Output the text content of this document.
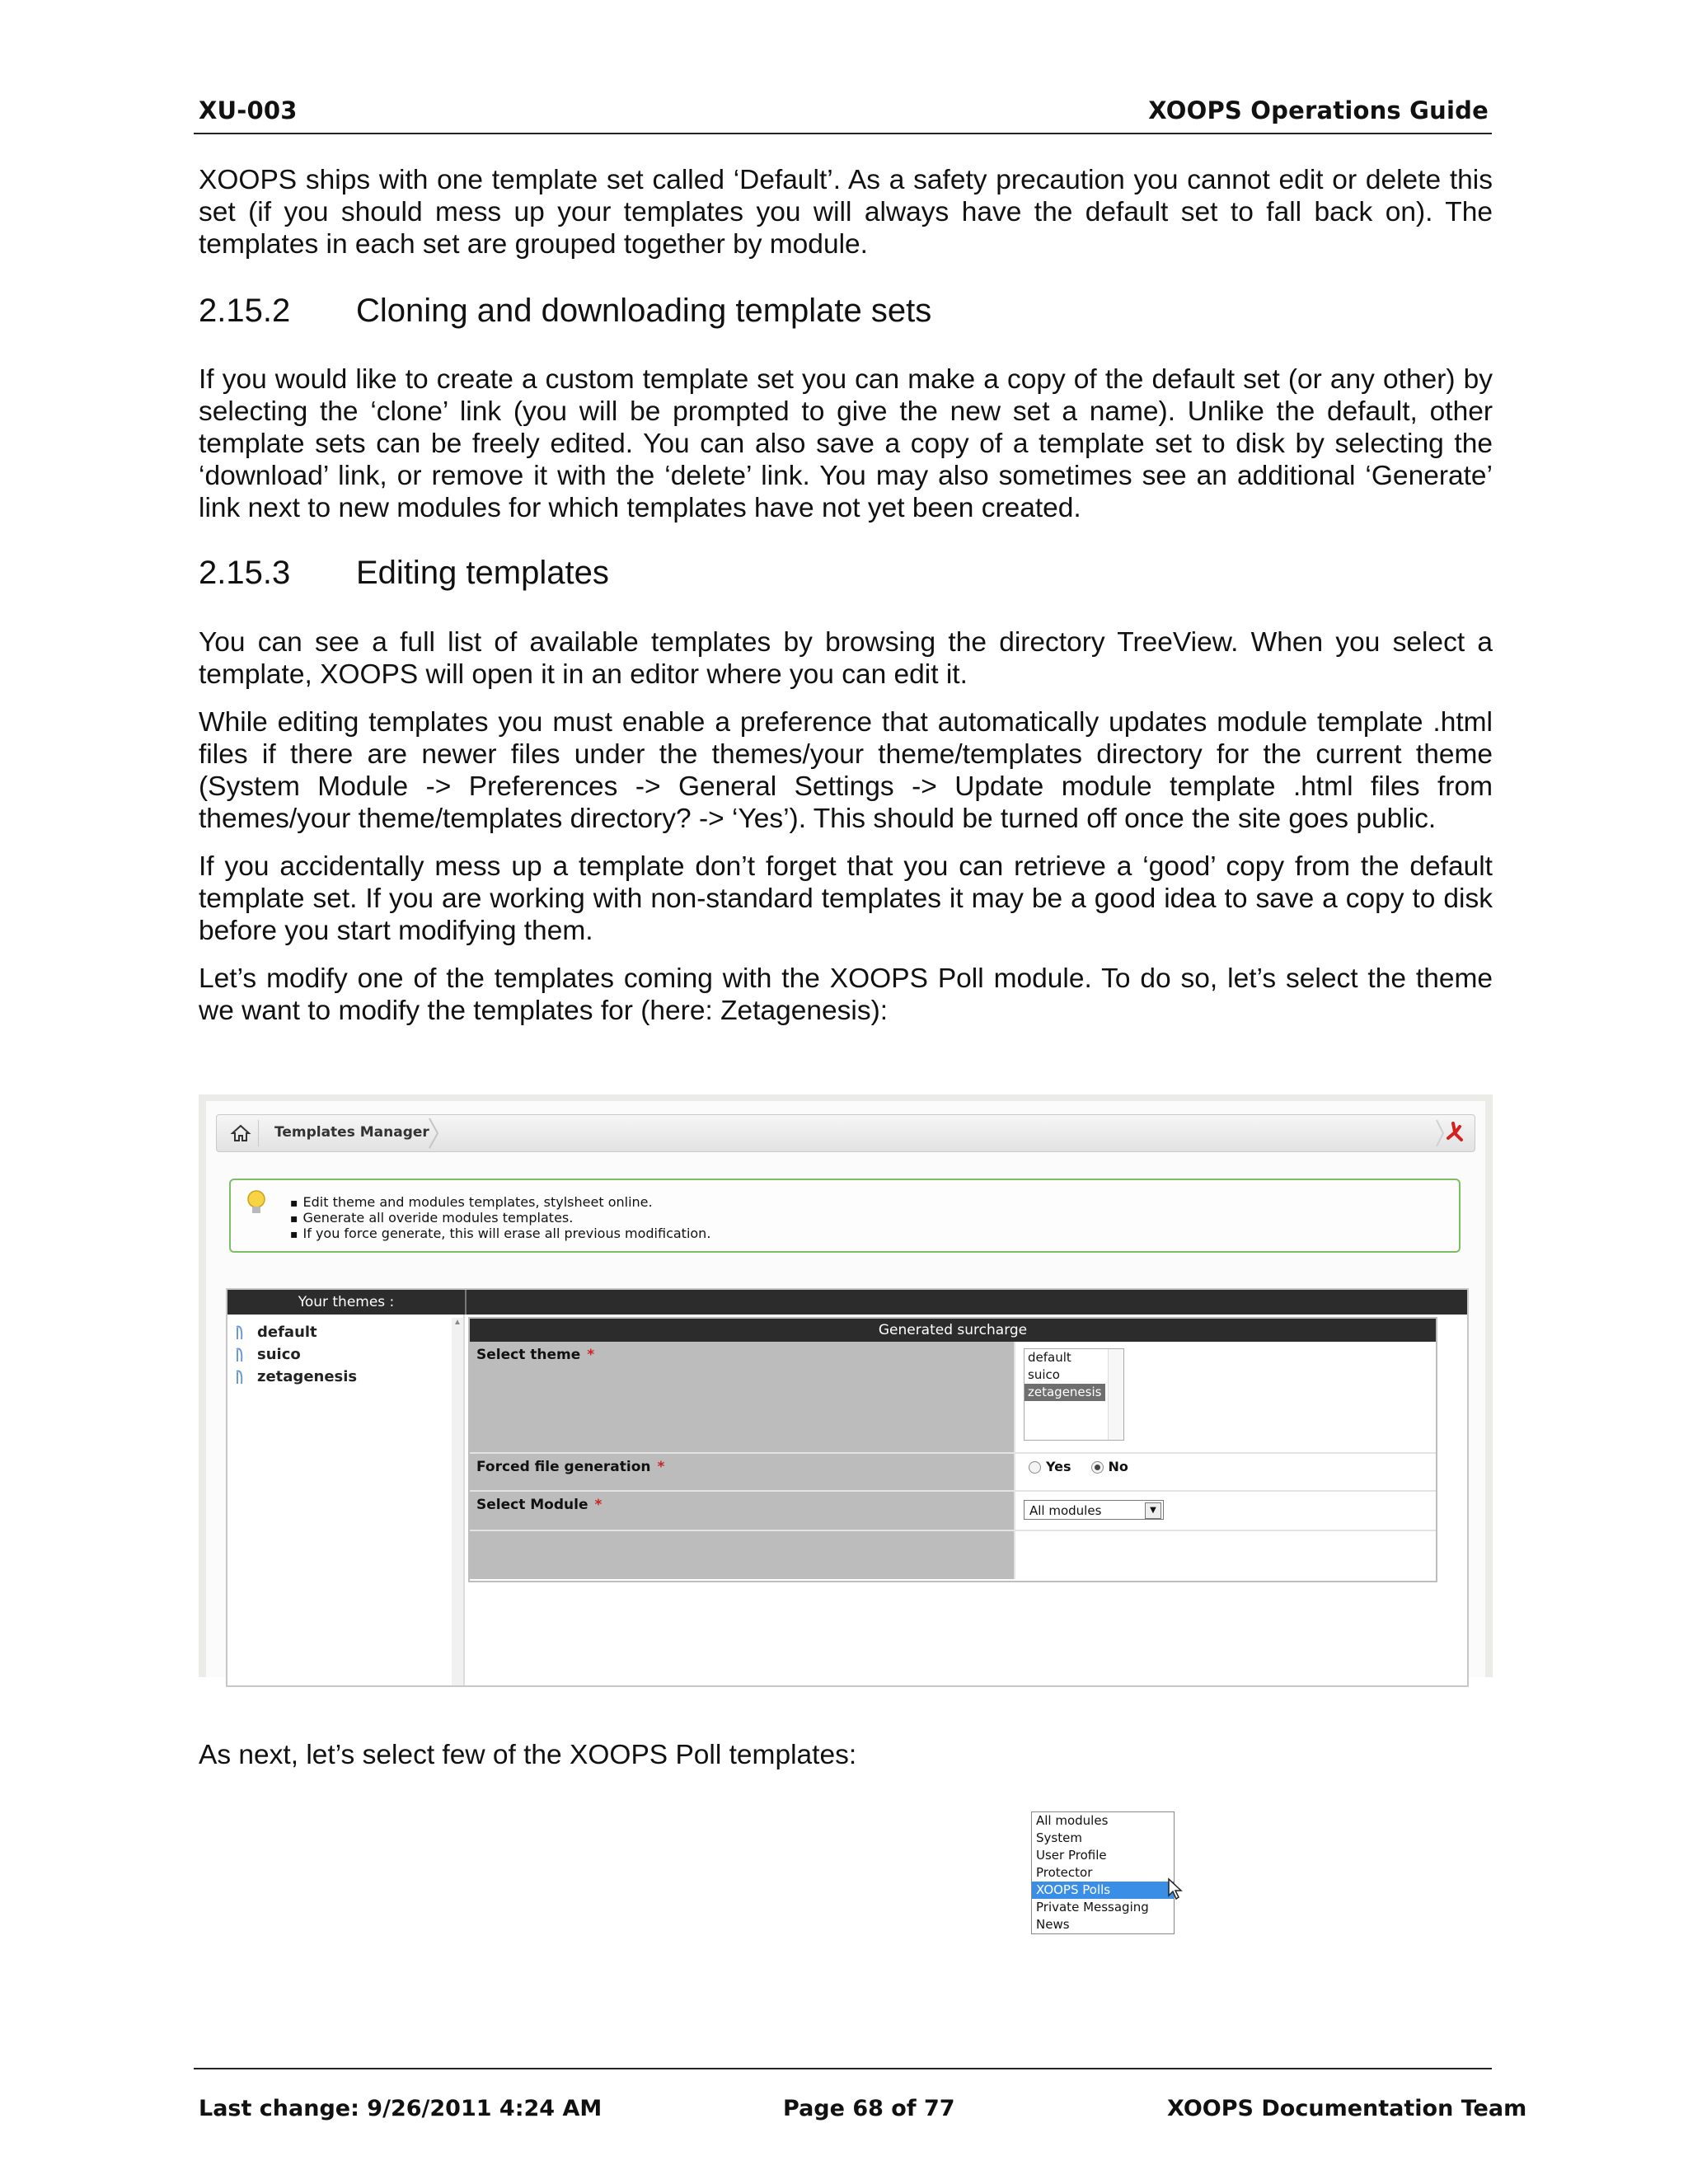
XU-003	XOOPS Operations Guide

XOOPS ships with one template set called ‘Default’. As a safety precaution you cannot edit or delete this set (if you should mess up your templates you will always have the default set to fall back on). The templates in each set are grouped together by module.

2.15.2 Cloning and downloading template sets

If you would like to create a custom template set you can make a copy of the default set (or any other) by selecting the ‘clone’ link (you will be prompted to give the new set a name). Unlike the default, other template sets can be freely edited. You can also save a copy of a template set to disk by selecting the ‘download’ link, or remove it with the ‘delete’ link. You may also sometimes see an additional ‘Generate’ link next to new modules for which templates have not yet been created.

2.15.3 Editing templates

You can see a full list of available templates by browsing the directory TreeView. When you select a template, XOOPS will open it in an editor where you can edit it.

While editing templates you must enable a preference that automatically updates module template .html files if there are newer files under the themes/your theme/templates directory for the current theme (System Module -> Preferences -> General Settings -> Update module template .html files from themes/your theme/templates directory? -> ‘Yes’). This should be turned off once the site goes public.

If you accidentally mess up a template don’t forget that you can retrieve a ‘good’ copy from the default template set. If you are working with non-standard templates it may be a good idea to save a copy to disk before you start modifying them.

Let’s modify one of the templates coming with the XOOPS Poll module. To do so, let’s select the theme we want to modify the templates for (here: Zetagenesis):

Templates Manager
▪ Edit theme and modules templates, stylsheet online.
▪ Generate all overide modules templates.
▪ If you force generate, this will erase all previous modification.
Your themes :
default
suico
zetagenesis
▲
Generated surcharge
Select theme *	default
suico
zetagenesis
Forced file generation *	Yes	No
Select Module *	All modules	▼
All modules
System
User Profile
Protector
XOOPS Polls
Private Messaging
News

As next, let’s select few of the XOOPS Poll templates:

Last change: 9/26/2011 4:24 AM	Page 68 of 77	XOOPS Documentation Team
